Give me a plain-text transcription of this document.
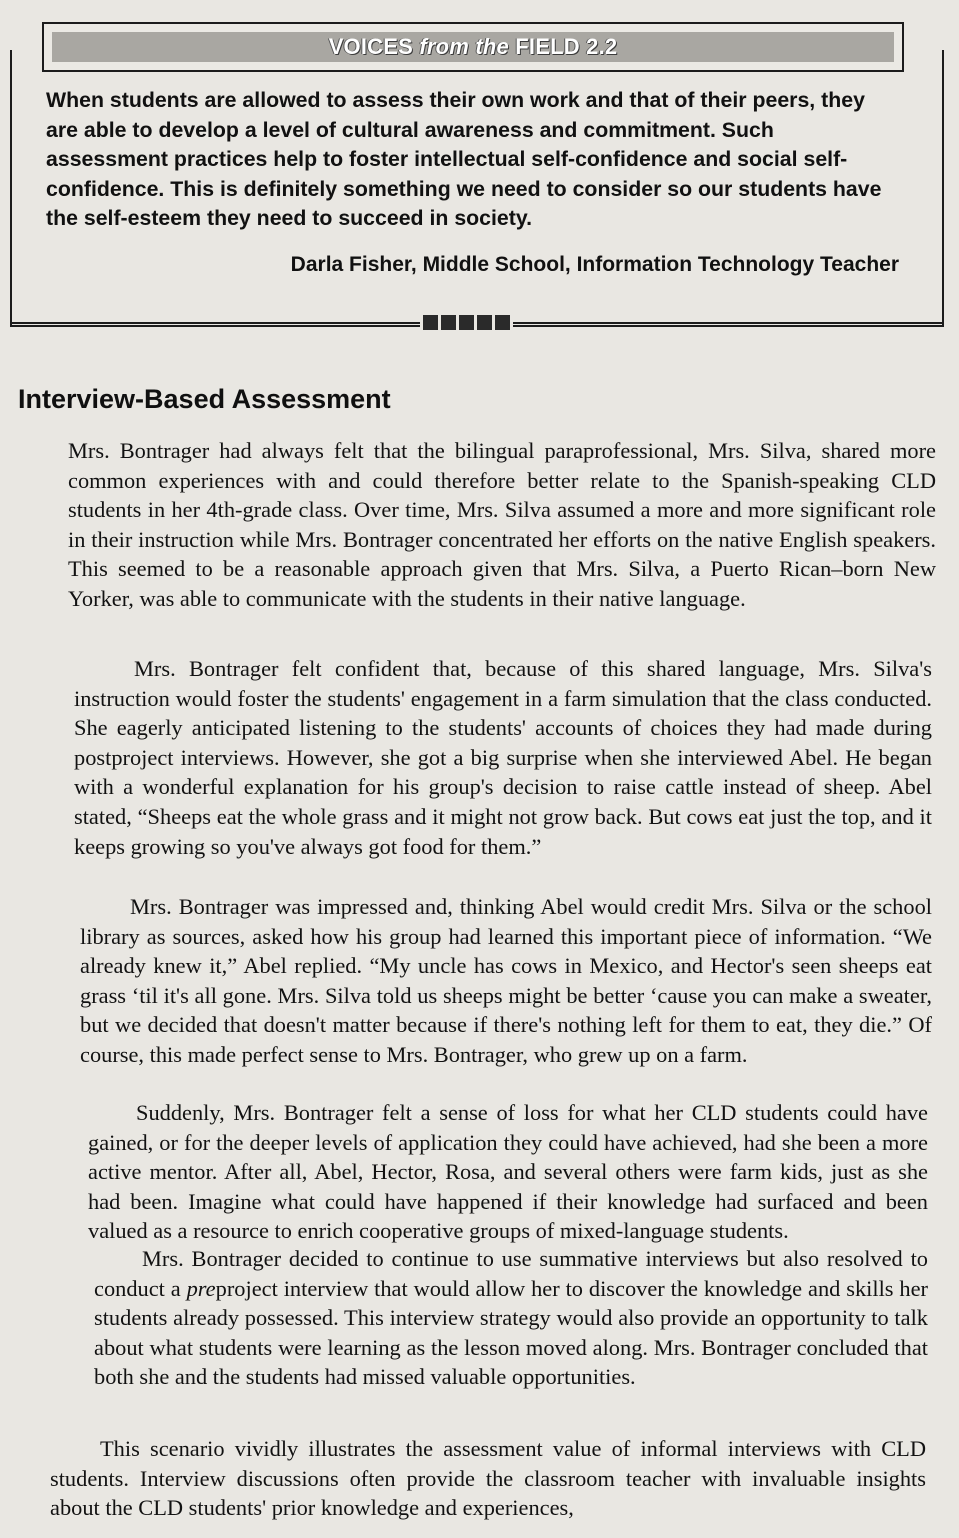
VOICES from the FIELD 2.2

When students are allowed to assess their own work and that of their peers, they are able to develop a level of cultural awareness and commitment. Such assessment practices help to foster intellectual self-confidence and social self-confidence. This is definitely something we need to consider so our students have the self-esteem they need to succeed in society.

Darla Fisher, Middle School, Information Technology Teacher

Interview-Based Assessment

Mrs. Bontrager had always felt that the bilingual paraprofessional, Mrs. Silva, shared more common experiences with and could therefore better relate to the Spanish-speaking CLD students in her 4th-grade class. Over time, Mrs. Silva assumed a more and more significant role in their instruction while Mrs. Bontrager concentrated her efforts on the native English speakers. This seemed to be a reasonable approach given that Mrs. Silva, a Puerto Rican–born New Yorker, was able to communicate with the students in their native language.

Mrs. Bontrager felt confident that, because of this shared language, Mrs. Silva's instruction would foster the students' engagement in a farm simulation that the class conducted. She eagerly anticipated listening to the students' accounts of choices they had made during postproject interviews. However, she got a big surprise when she interviewed Abel. He began with a wonderful explanation for his group's decision to raise cattle instead of sheep. Abel stated, “Sheeps eat the whole grass and it might not grow back. But cows eat just the top, and it keeps growing so you've always got food for them.”

Mrs. Bontrager was impressed and, thinking Abel would credit Mrs. Silva or the school library as sources, asked how his group had learned this important piece of information. “We already knew it,” Abel replied. “My uncle has cows in Mexico, and Hector's seen sheeps eat grass ‘til it's all gone. Mrs. Silva told us sheeps might be better ‘cause you can make a sweater, but we decided that doesn't matter because if there's nothing left for them to eat, they die.” Of course, this made perfect sense to Mrs. Bontrager, who grew up on a farm.

Suddenly, Mrs. Bontrager felt a sense of loss for what her CLD students could have gained, or for the deeper levels of application they could have achieved, had she been a more active mentor. After all, Abel, Hector, Rosa, and several others were farm kids, just as she had been. Imagine what could have happened if their knowledge had surfaced and been valued as a resource to enrich cooperative groups of mixed-language students.

Mrs. Bontrager decided to continue to use summative interviews but also resolved to conduct a preproject interview that would allow her to discover the knowledge and skills her students already possessed. This interview strategy would also provide an opportunity to talk about what students were learning as the lesson moved along. Mrs. Bontrager concluded that both she and the students had missed valuable opportunities.

This scenario vividly illustrates the assessment value of informal interviews with CLD students. Interview discussions often provide the classroom teacher with invaluable insights about the CLD students' prior knowledge and experiences,
